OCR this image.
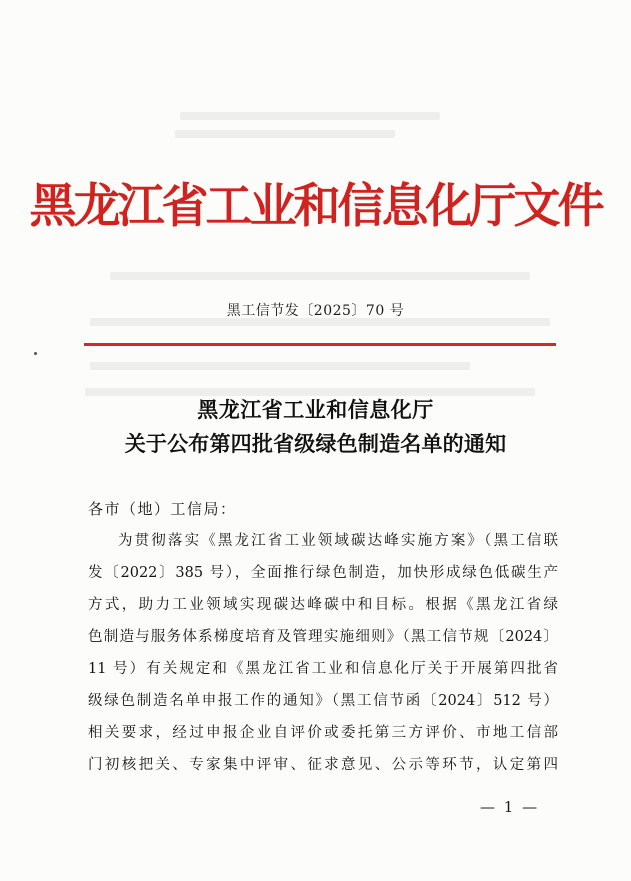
黑龙江省工业和信息化厅文件
黑工信节发〔2025〕70 号
黑龙江省工业和信息化厅
关于公布第四批省级绿色制造名单的通知
各市（地）工信局：
为贯彻落实《黑龙江省工业领域碳达峰实施方案》（黑工信联
发〔2022〕385 号），全面推行绿色制造，加快形成绿色低碳生产
方式，助力工业领域实现碳达峰碳中和目标。根据《黑龙江省绿
色制造与服务体系梯度培育及管理实施细则》（黑工信节规〔2024〕
11 号）有关规定和《黑龙江省工业和信息化厅关于开展第四批省
级绿色制造名单申报工作的通知》（黑工信节函〔2024〕512 号）
相关要求，经过申报企业自评价或委托第三方评价、市地工信部
门初核把关、专家集中评审、征求意见、公示等环节，认定第四
— 1 —
